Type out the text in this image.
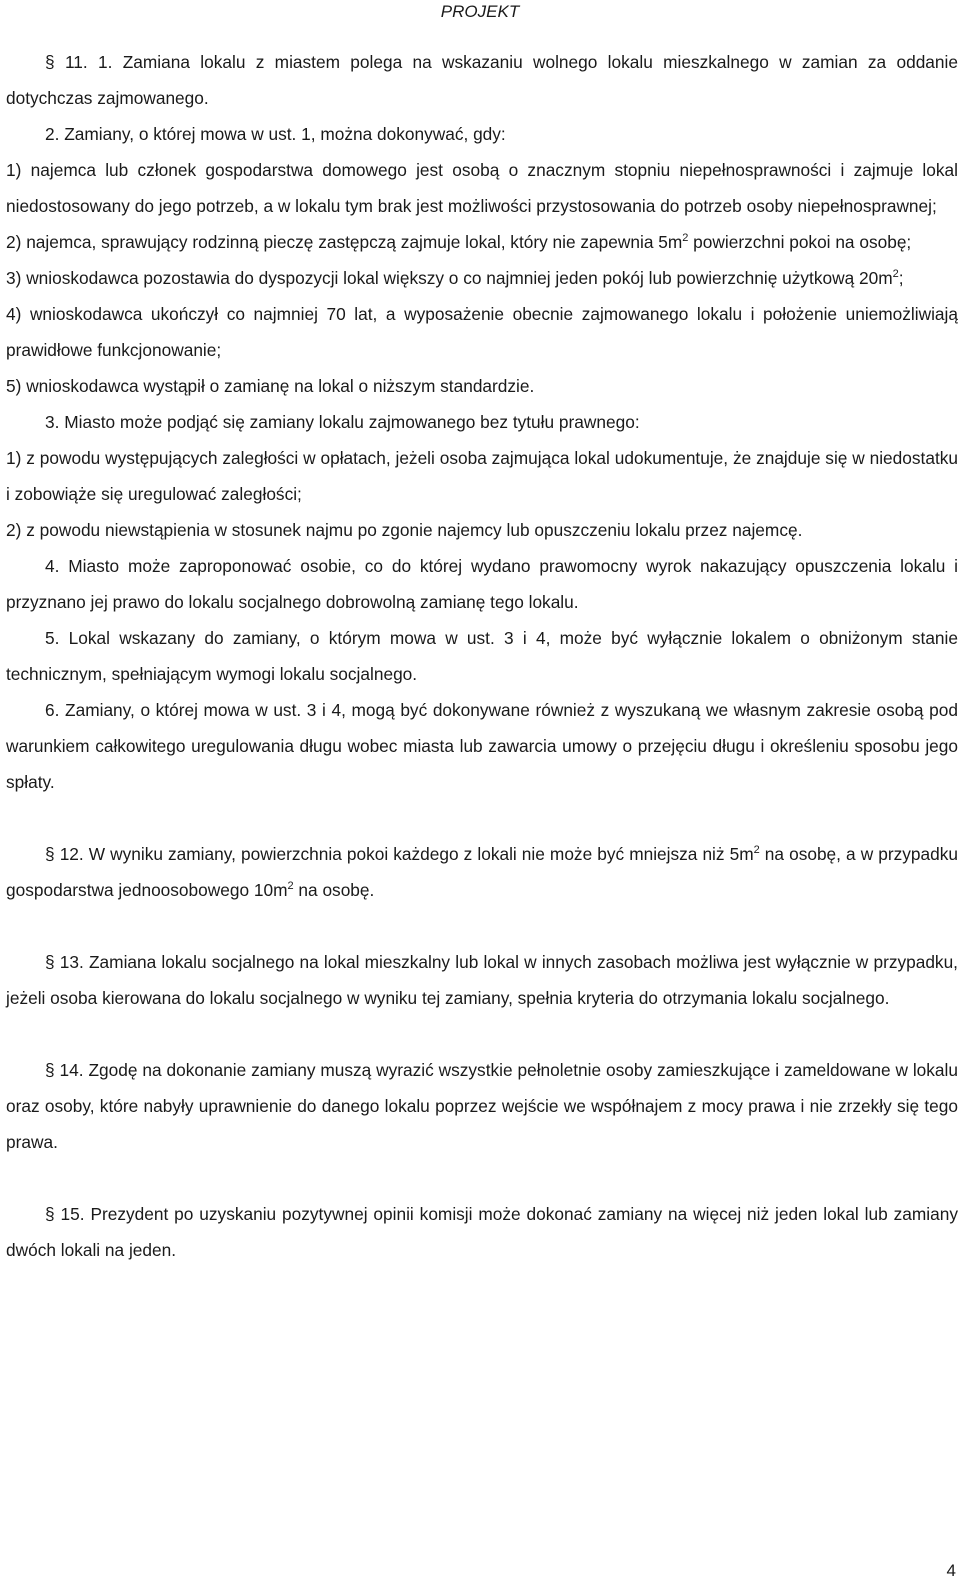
PROJEKT

§ 11. 1. Zamiana lokalu z miastem polega na wskazaniu wolnego lokalu mieszkalnego w zamian za oddanie dotychczas zajmowanego.

2. Zamiany, o której mowa w ust. 1, można dokonywać, gdy:

1) najemca lub członek gospodarstwa domowego jest osobą o znacznym stopniu niepełnosprawności i zajmuje lokal niedostosowany do jego potrzeb, a w lokalu tym brak jest możliwości przystosowania do potrzeb osoby niepełnosprawnej;

2) najemca, sprawujący rodzinną pieczę zastępczą zajmuje lokal, który nie zapewnia $5m^2$ powierzchni pokoi na osobę;

3) wnioskodawca pozostawia do dyspozycji lokal większy o co najmniej jeden pokój lub powierzchnię użytkową $20m^2$;

4) wnioskodawca ukończył co najmniej 70 lat, a wyposażenie obecnie zajmowanego lokalu i położenie uniemożliwiają prawidłowe funkcjonowanie;

5) wnioskodawca wystąpił o zamianę na lokal o niższym standardzie.

3. Miasto może podjąć się zamiany lokalu zajmowanego bez tytułu prawnego:

1) z powodu występujących zaległości w opłatach, jeżeli osoba zajmująca lokal udokumentuje, że znajduje się w niedostatku i zobowiąże się uregulować zaległości;

2) z powodu niewstąpienia w stosunek najmu po zgonie najemcy lub opuszczeniu lokalu przez najemcę.

4. Miasto może zaproponować osobie, co do której wydano prawomocny wyrok nakazujący opuszczenia lokalu i przyznano jej prawo do lokalu socjalnego dobrowolną zamianę tego lokalu.

5. Lokal wskazany do zamiany, o którym mowa w ust. 3 i 4, może być wyłącznie lokalem o obniżonym stanie technicznym, spełniającym wymogi lokalu socjalnego.

6. Zamiany, o której mowa w ust. 3 i 4, mogą być dokonywane również z wyszukaną we własnym zakresie osobą pod warunkiem całkowitego uregulowania długu wobec miasta lub zawarcia umowy o przejęciu długu i określeniu sposobu jego spłaty.

§ 12. W wyniku zamiany, powierzchnia pokoi każdego z lokali nie może być mniejsza niż $5m^2$ na osobę, a w przypadku gospodarstwa jednoosobowego $10m^2$ na osobę.

§ 13. Zamiana lokalu socjalnego na lokal mieszkalny lub lokal w innych zasobach możliwa jest wyłącznie w przypadku, jeżeli osoba kierowana do lokalu socjalnego w wyniku tej zamiany, spełnia kryteria do otrzymania lokalu socjalnego.

§ 14. Zgodę na dokonanie zamiany muszą wyrazić wszystkie pełnoletnie osoby zamieszkujące i zameldowane w lokalu oraz osoby, które nabyły uprawnienie do danego lokalu poprzez wejście we współnajem z mocy prawa i nie zrzekły się tego prawa.

§ 15. Prezydent po uzyskaniu pozytywnej opinii komisji może dokonać zamiany na więcej niż jeden lokal lub zamiany dwóch lokali na jeden.

4
